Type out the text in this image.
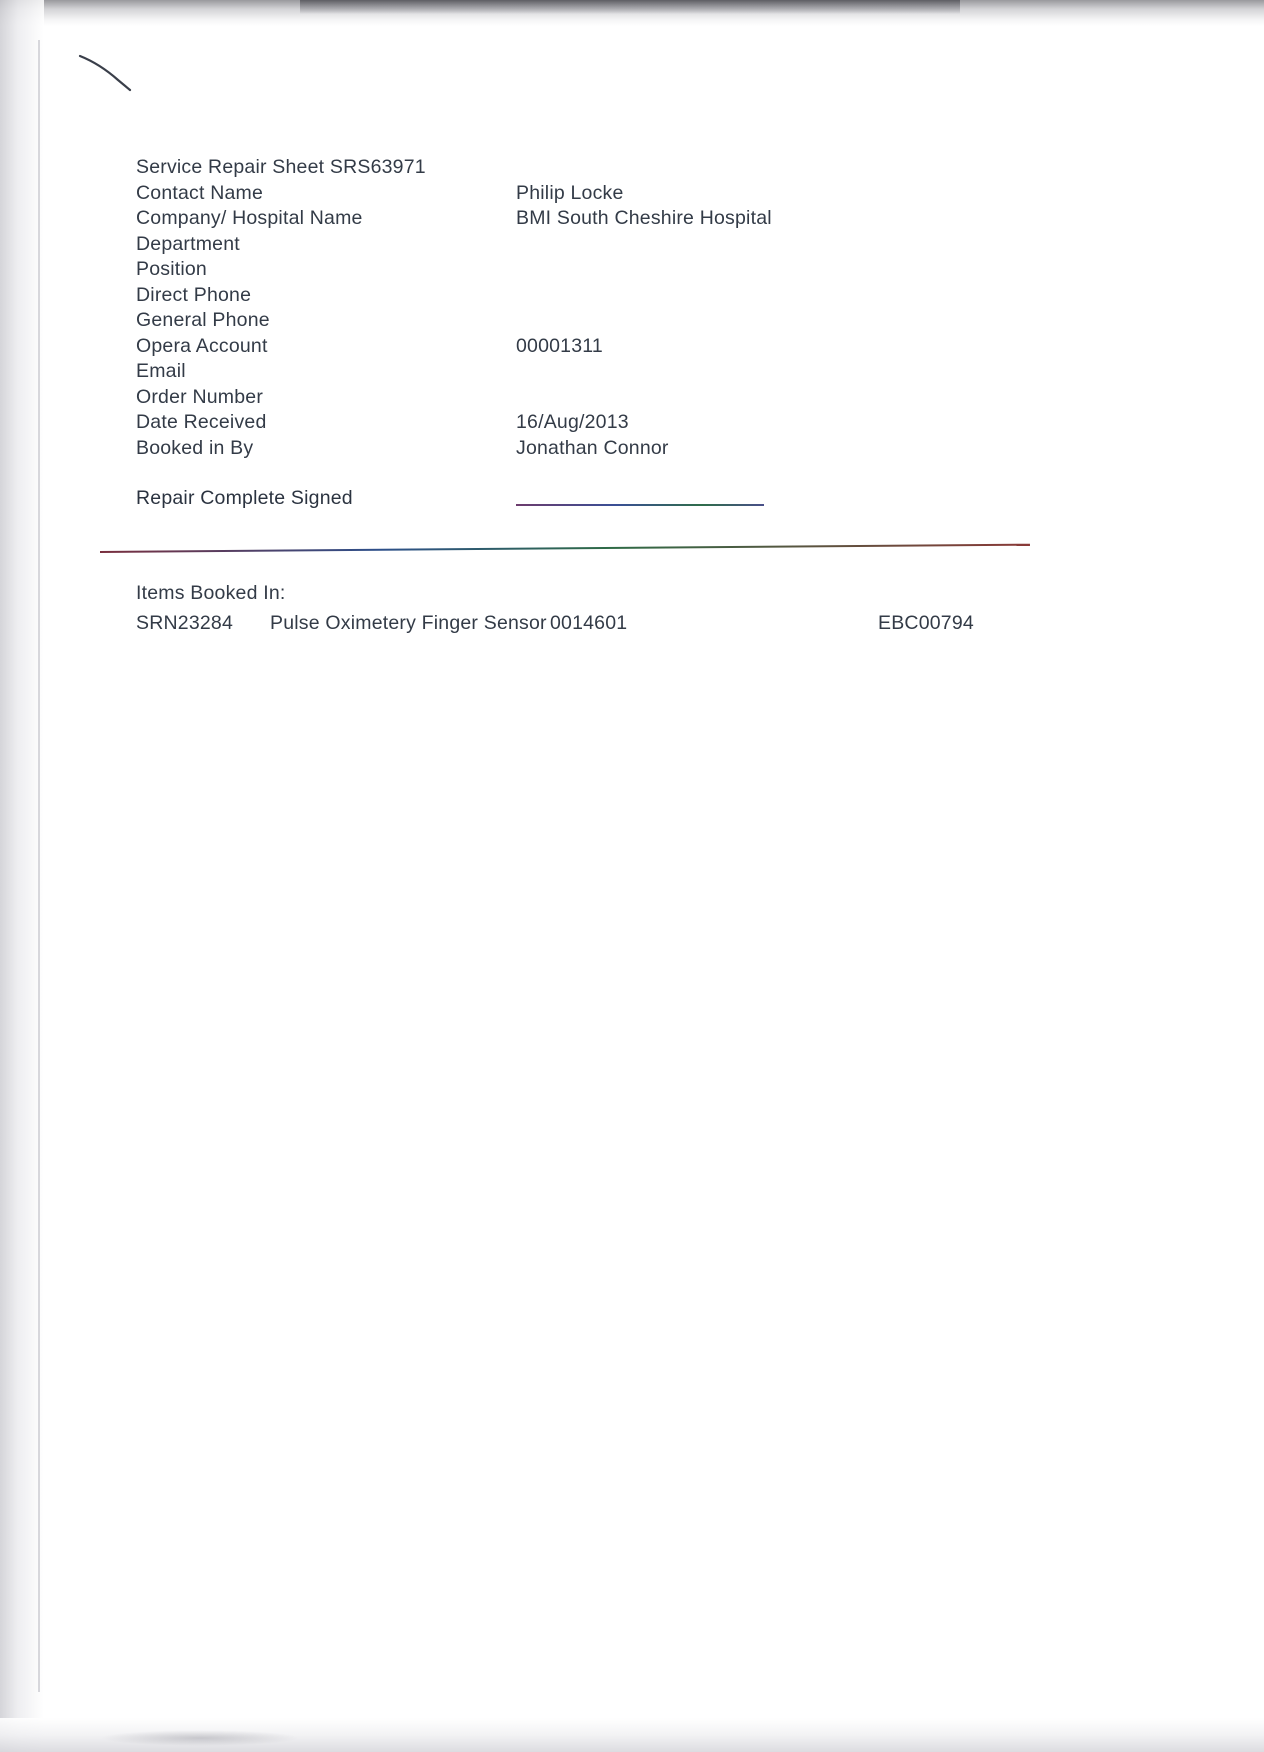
Service Repair Sheet SRS63971
Contact Name	Philip Locke
Company/ Hospital Name	BMI South Cheshire Hospital
Department
Position
Direct Phone
General Phone
Opera Account	00001311
Email
Order Number
Date Received	16/Aug/2013
Booked in By	Jonathan Connor
Repair Complete Signed
Items Booked In:
SRN23284 Pulse Oximetery Finger Sensor 0014601	EBC00794
